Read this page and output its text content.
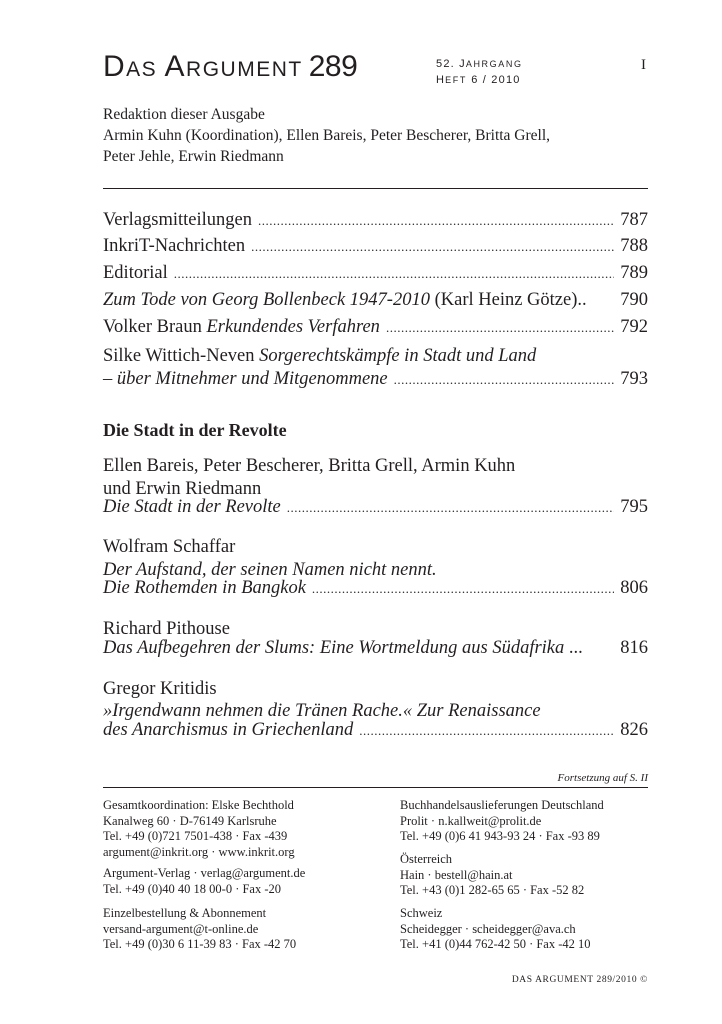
DAS ARGUMENT 289	52. JAHRGANG
HEFT 6 / 2010
I
Redaktion dieser Ausgabe
Armin Kuhn (Koordination), Ellen Bareis, Peter Bescherer, Britta Grell,
Peter Jehle, Erwin Riedmann
Verlagsmitteilungen .....	787
InkriT-Nachrichten .....	788
Editorial .....	789
Zum Tode von Georg Bollenbeck 1947-2010 (Karl Heinz Götze).. 790
Volker Braun Erkundendes Verfahren .....	792
Silke Wittich-Neven Sorgerechtskämpfe in Stadt und Land
– über Mitnehmer und Mitgenommene .....	793
Die Stadt in der Revolte
Ellen Bareis, Peter Bescherer, Britta Grell, Armin Kuhn
und Erwin Riedmann
Die Stadt in der Revolte .....	795
Wolfram Schaffar
Der Aufstand, der seinen Namen nicht nennt.
Die Rothemden in Bangkok .....	806
Richard Pithouse
Das Aufbegehren der Slums: Eine Wortmeldung aus Südafrika ... 816
Gregor Kritidis
»Irgendwann nehmen die Tränen Rache.« Zur Renaissance
des Anarchismus in Griechenland .....	826
Fortsetzung auf S. II
Gesamtkoordination: Elske Bechthold
Kanalweg 60 · D-76149 Karlsruhe
Tel. +49 (0)721 7501-438 · Fax -439
argument@inkrit.org · www.inkrit.org
Argument-Verlag · verlag@argument.de
Tel. +49 (0)40 40 18 00-0 · Fax -20
Einzelbestellung & Abonnement
versand-argument@t-online.de
Tel. +49 (0)30 6 11-39 83 · Fax -42 70
Buchhandelsauslieferungen Deutschland
Prolit · n.kallweit@prolit.de
Tel. +49 (0)6 41 943-93 24 · Fax -93 89
Österreich
Hain · bestell@hain.at
Tel. +43 (0)1 282-65 65 · Fax -52 82
Schweiz
Scheidegger · scheidegger@ava.ch
Tel. +41 (0)44 762-42 50 · Fax -42 10
DAS ARGUMENT 289/2010 ©
